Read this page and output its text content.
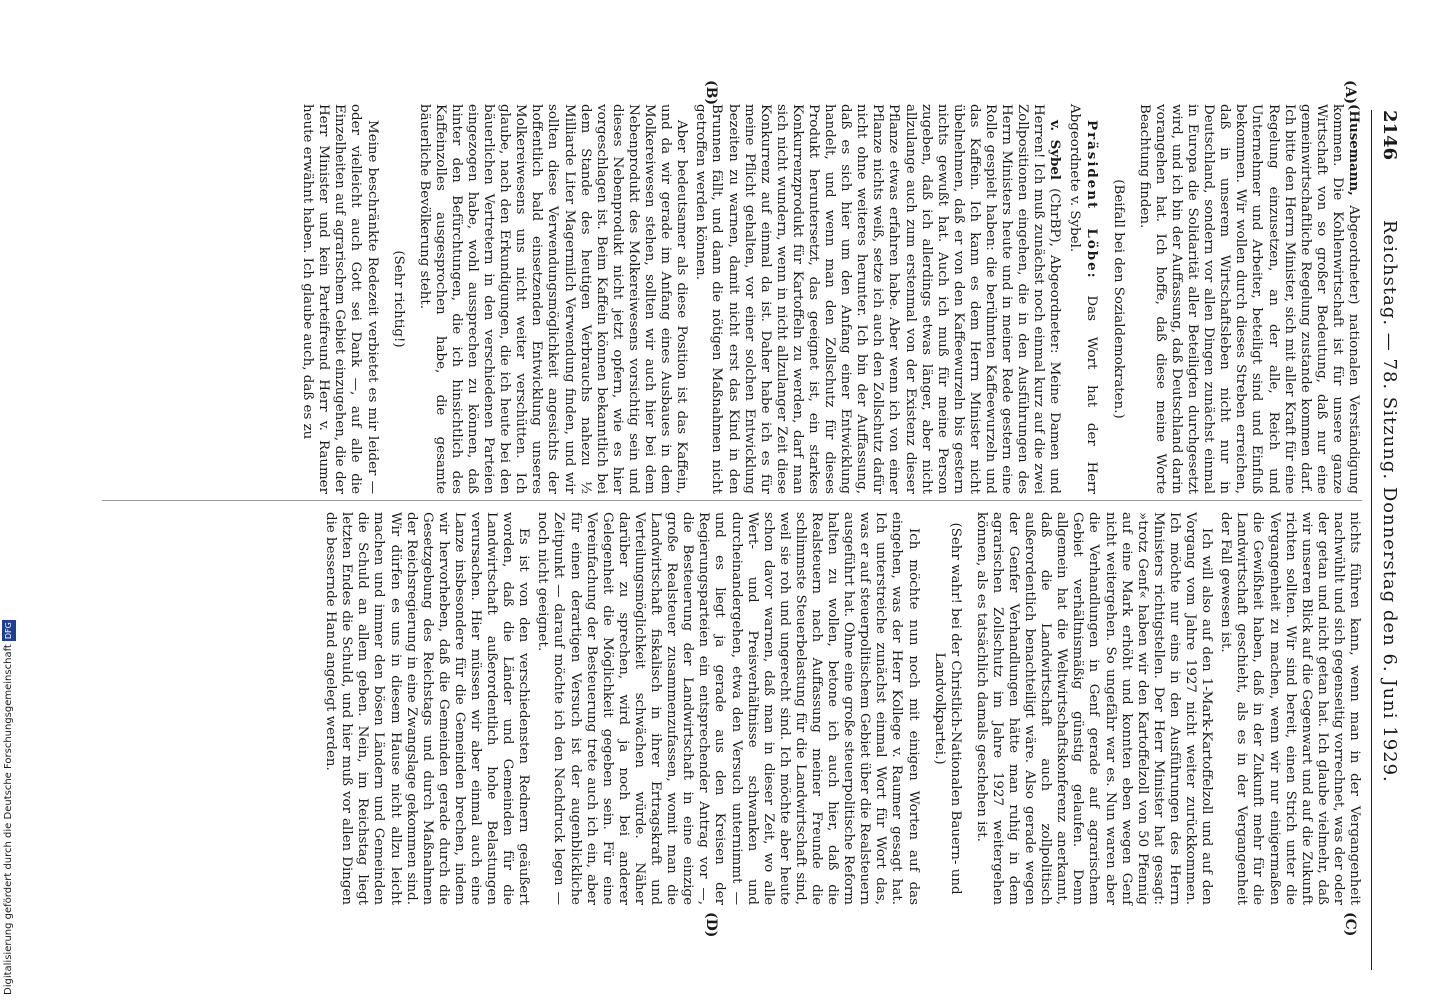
Digitalisierung gefördert durch die Deutsche ForschungsgemeinschaftDFG
2146
Reichstag. — 78. Sitzung. Donnerstag den 6. Juni 1929.
(A)
(B)
(C)
(D)

(Husemann, Abgeordneter) nationalen Verständigung kommen. Die Kohlenwirtschaft ist für unsere ganze Wirtschaft von so großer Bedeutung, daß nur eine gemeinwirtschaftliche Regelung zustande kommen darf. Ich bitte den Herrn Minister, sich mit aller Kraft für eine Regelung einzusetzen, an der alle, Reich und Unternehmer und Arbeiter, beteiligt sind und Einfluß bekommen. Wir wollen durch dieses Streben erreichen, daß in unserem Wirtschaftsleben nicht nur in Deutschland, sondern vor allen Dingen zunächst einmal in Europa die Solidarität aller Beteiligten durchgesetzt wird, und ich bin der Auffassung, daß Deutschland darin vorangehen hat. Ich hoffe, daß diese meine Worte Beachtung finden.

(Beifall bei den Sozialdemokraten.)

Präsident Löbe: Das Wort hat der Herr Abgeordnete v. Sybel.

v. Sybel (ChrBP), Abgeordneter: Meine Damen und Herren! Ich muß zunächst noch einmal kurz auf die zwei Zollpositionen eingehen, die in den Ausführungen des Herrn Ministers heute und in meiner Rede gestern eine Rolle gespielt haben: die berühmten Kaffeewurzeln und das Kaffein. Ich kann es dem Herrn Minister nicht übelnehmen, daß er von den Kaffeewurzeln bis gestern nichts gewußt hat. Auch ich muß für meine Person zugeben, daß ich allerdings etwas länger, aber nicht allzulange auch zum erstenmal von der Existenz dieser Pflanze etwas erfahren habe. Aber wenn ich von einer Pflanze nichts weiß, setze ich auch den Zollschutz dafür nicht ohne weiteres herunter. Ich bin der Auffassung, daß es sich hier um den Anfang einer Entwicklung handelt, und wenn man den Zollschutz für dieses Produkt heruntersetzt, das geeignet ist, ein starkes Konkurrenzprodukt für Kartoffeln zu werden, darf man sich nicht wundern, wenn in nicht allzulanger Zeit diese Konkurrenz auf einmal da ist. Daher habe ich es für meine Pflicht gehalten, vor einer solchen Entwicklung bezeiten zu warnen, damit nicht erst das Kind in den Brunnen fällt, und dann die nötigen Maßnahmen nicht getroffen werden können.

Aber bedeutsamer als diese Position ist das Kaffein, und da wir gerade im Anfang eines Ausbaues in dem Molkereiwesen stehen, sollten wir auch hier bei dem Nebenprodukt des Molkereiwesens vorsichtig sein und dieses Nebenprodukt nicht jetzt opfern, wie es hier vorgeschlagen ist. Beim Kaffein können bekanntlich bei dem Stande des heutigen Verbrauchs nahezu ½ Milliarde Liter Magermilch Verwendung finden, und wir sollten diese Verwendungsmöglichkeit angesichts der hoffentlich bald einsetzenden Entwicklung unseres Molkereiwesens uns nicht weiter verschütten. Ich glaube, nach den Erkundigungen, die ich heute bei den bäuerlichen Vertretern in den verschiedenen Parteien eingezogen habe, wohl aussprechen zu können, daß hinter den Befürchtungen, die ich hinsichtlich des Kaffeinzolles ausgesprochen habe, die gesamte bäuerliche Bevölkerung steht.

(Sehr richtig!)

Meine beschränkte Redezeit verbietet es mir leider — oder vielleicht auch Gott sei Dank —, auf alle die Einzelheiten auf agrarischem Gebiet einzugehen, die der Herr Minister und kein Parteifreund Herr v. Raumer heute erwähnt haben. Ich glaube auch, daß es zu

nichts führen kann, wenn man in der Vergangenheit nachwühlt und sich gegenseitig vorrechnet, was der oder der getan und nicht getan hat. Ich glaube vielmehr, daß wir unseren Blick auf die Gegenwart und auf die Zukunft richten sollten. Wir sind bereit, einen Strich unter die Vergangenheit zu machen, wenn wir nur einigermaßen die Gewißheit haben, daß in der Zukunft mehr für die Landwirtschaft geschieht, als es in der Vergangenheit der Fall gewesen ist.

Ich will also auf den 1-Mark-Kartoffelzoll und auf den Vorgang vom Jahre 1927 nicht weiter zurückkommen. Ich möchte nur eins in den Ausführungen des Herrn Ministers richtigstellen. Der Herr Minister hat gesagt: »trotz Genf« haben wir den Kartoffelzoll von 50 Pfennig auf eine Mark erhöht und konnten eben wegen Genf nicht weitergehen. So ungefähr war es. Nun waren aber die Verhandlungen in Genf gerade auf agrarischem Gebiet verhältnismäßig günstig gelaufen. Denn allgemein hat die Weltwirtschaftskonferenz anerkannt, daß die Landwirtschaft auch zollpolitisch außerordentlich benachteiligt wäre. Also gerade wegen der Genfer Verhandlungen hätte man ruhig in dem agrarischen Zollschutz im Jahre 1927 weitergehen können, als es tatsächlich damals geschehen ist.

(Sehr wahr! bei der Christlich-Nationalen Bauern- und Landvolkpartei.)

Ich möchte nun noch mit einigen Worten auf das eingehen, was der Herr Kollege v. Raumer gesagt hat. Ich unterstreiche zunächst einmal Wort für Wort das, was er auf steuerpolitischem Gebiet über die Realsteuern ausgeführt hat. Ohne eine große steuerpolitische Reform halten zu wollen, betone ich auch hier, daß die Realsteuern nach Auffassung meiner Freunde die schlimmste Steuerbelastung für die Landwirtschaft sind, weil sie roh und ungerecht sind. Ich möchte aber heute schon davor warnen, daß man in dieser Zeit, wo alle Wert- und Preisverhältnisse schwanken und durcheinandergehen, etwa den Versuch unternimmt — und es liegt ja gerade aus den Kreisen der Regierungsparteien ein entsprechender Antrag vor —, die Besteuerung der Landwirtschaft in eine einzige große Realsteuer zusammenzufassen, womit man die Landwirtschaft fiskalisch in ihrer Ertragskraft und Verteilungsmöglichkeit schwächen würde. Näher darüber zu sprechen, wird ja noch bei anderer Gelegenheit die Möglichkeit gegeben sein. Für eine Vereinfachung der Besteuerung trete auch ich ein, aber für einen derartigen Versuch ist der augenblickliche Zeitpunkt — darauf möchte ich den Nachdruck legen — noch nicht geeignet.

Es ist von den verschiedensten Rednern geäußert worden, daß die Länder und Gemeinden für die Landwirtschaft außerordentlich hohe Belastungen verursachen. Hier müssen wir aber einmal auch eine Lanze insbesondere für die Gemeinden brechen, indem wir hervorheben, daß die Gemeinden gerade durch die Gesetzgebung des Reichstags und durch Maßnahmen der Reichsregierung in eine Zwangslage gekommen sind. Wir dürfen es uns in diesem Hause nicht allzu leicht machen und immer den bösen Ländern und Gemeinden die Schuld an allem geben. Nein, im Reichstag liegt letzten Endes die Schuld, und hier muß vor allen Dingen die bessernde Hand angelegt werden.
